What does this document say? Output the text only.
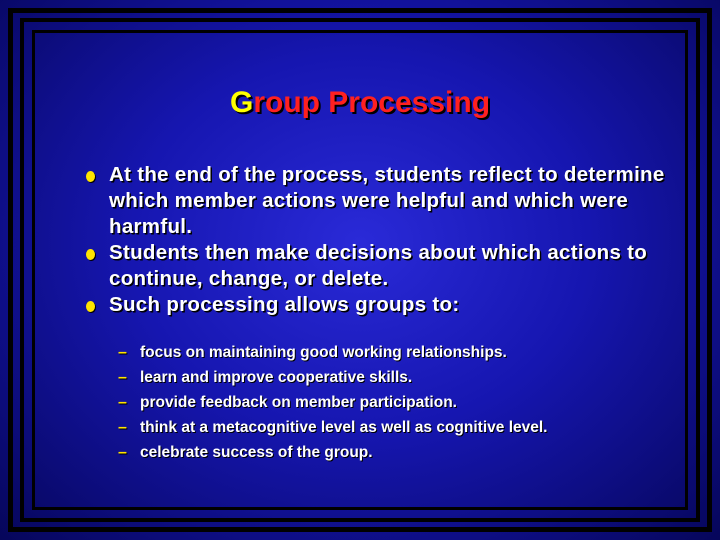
Group Processing
At the end of the process, students reflect to determine which member actions were helpful and which were harmful.
Students then make decisions about which actions to continue, change, or delete.
Such processing allows groups to:
– focus on maintaining good working relationships.
– learn and improve cooperative skills.
– provide feedback on member participation.
– think at a metacognitive level as well as cognitive level.
– celebrate success of the group.
